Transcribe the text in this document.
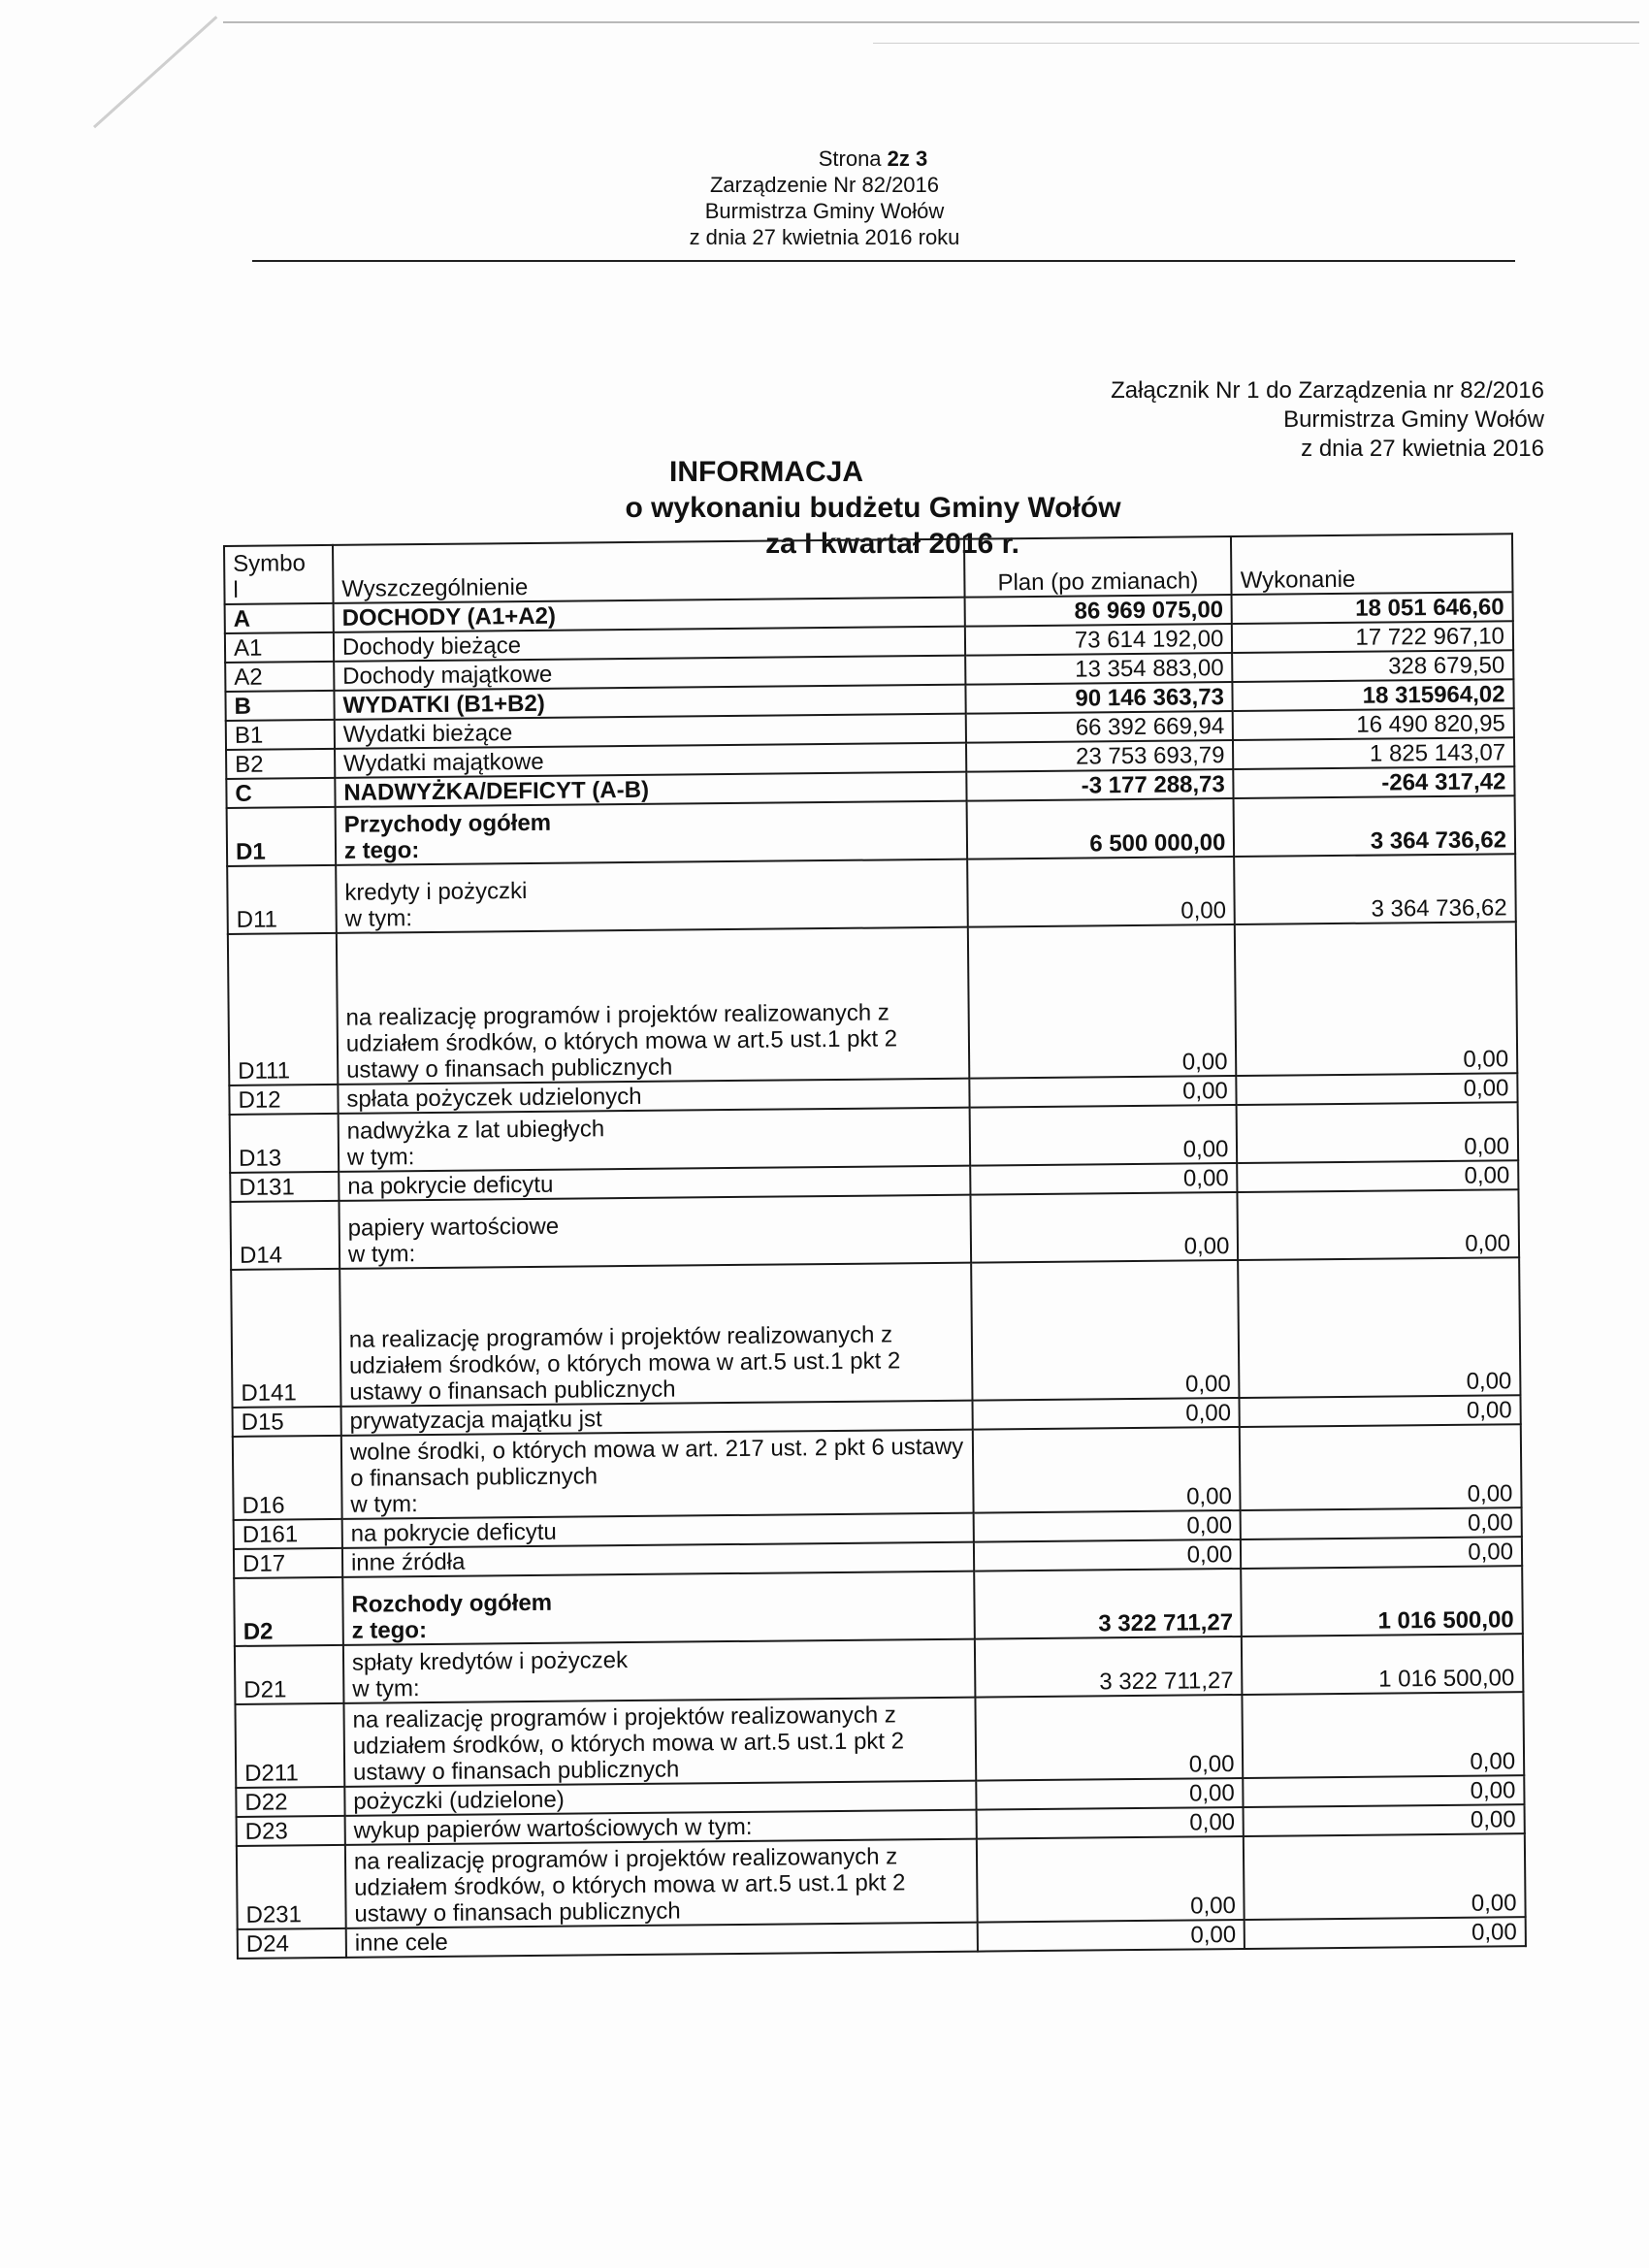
Strona 2z 3
Zarządzenie Nr 82/2016
Burmistrza Gminy Wołów
z dnia 27 kwietnia 2016 roku
Załącznik Nr 1 do Zarządzenia nr 82/2016
Burmistrza Gminy Wołów
z dnia 27 kwietnia 2016
INFORMACJA
o wykonaniu budżetu Gminy Wołów
za I kwartał 2016 r.
Symbo
l	Wyszczególnienie	Plan (po zmianach)	Wykonanie
A	DOCHODY (A1+A2)	86 969 075,00	18 051 646,60
A1	Dochody bieżące	73 614 192,00	17 722 967,10
A2	Dochody majątkowe	13 354 883,00	328 679,50
B	WYDATKI (B1+B2)	90 146 363,73	18 315964,02
B1	Wydatki bieżące	66 392 669,94	16 490 820,95
B2	Wydatki majątkowe	23 753 693,79	1 825 143,07
C	NADWYŻKA/DEFICYT (A-B)	-3 177 288,73	-264 317,42
D1	Przychody ogółem
z tego:	6 500 000,00	3 364 736,62
D11	kredyty i pożyczki
w tym:	0,00	3 364 736,62
D111	na realizację programów i projektów realizowanych z udziałem środków, o których mowa w art.5 ust.1 pkt 2 ustawy o finansach publicznych	0,00	0,00
D12	spłata pożyczek udzielonych	0,00	0,00
D13	nadwyżka z lat ubiegłych
w tym:	0,00	0,00
D131	na pokrycie deficytu	0,00	0,00
D14	papiery wartościowe
w tym:	0,00	0,00
D141	na realizację programów i projektów realizowanych z udziałem środków, o których mowa w art.5 ust.1 pkt 2 ustawy o finansach publicznych	0,00	0,00
D15	prywatyzacja majątku jst	0,00	0,00
D16	wolne środki, o których mowa w art. 217 ust. 2 pkt 6 ustawy o finansach publicznych
w tym:	0,00	0,00
D161	na pokrycie deficytu	0,00	0,00
D17	inne źródła	0,00	0,00
D2	Rozchody ogółem
z tego:	3 322 711,27	1 016 500,00
D21	spłaty kredytów i pożyczek
w tym:	3 322 711,27	1 016 500,00
D211	na realizację programów i projektów realizowanych z udziałem środków, o których mowa w art.5 ust.1 pkt 2 ustawy o finansach publicznych	0,00	0,00
D22	pożyczki (udzielone)	0,00	0,00
D23	wykup papierów wartościowych w tym:	0,00	0,00
D231	na realizację programów i projektów realizowanych z udziałem środków, o których mowa w art.5 ust.1 pkt 2 ustawy o finansach publicznych	0,00	0,00
D24	inne cele	0,00	0,00
